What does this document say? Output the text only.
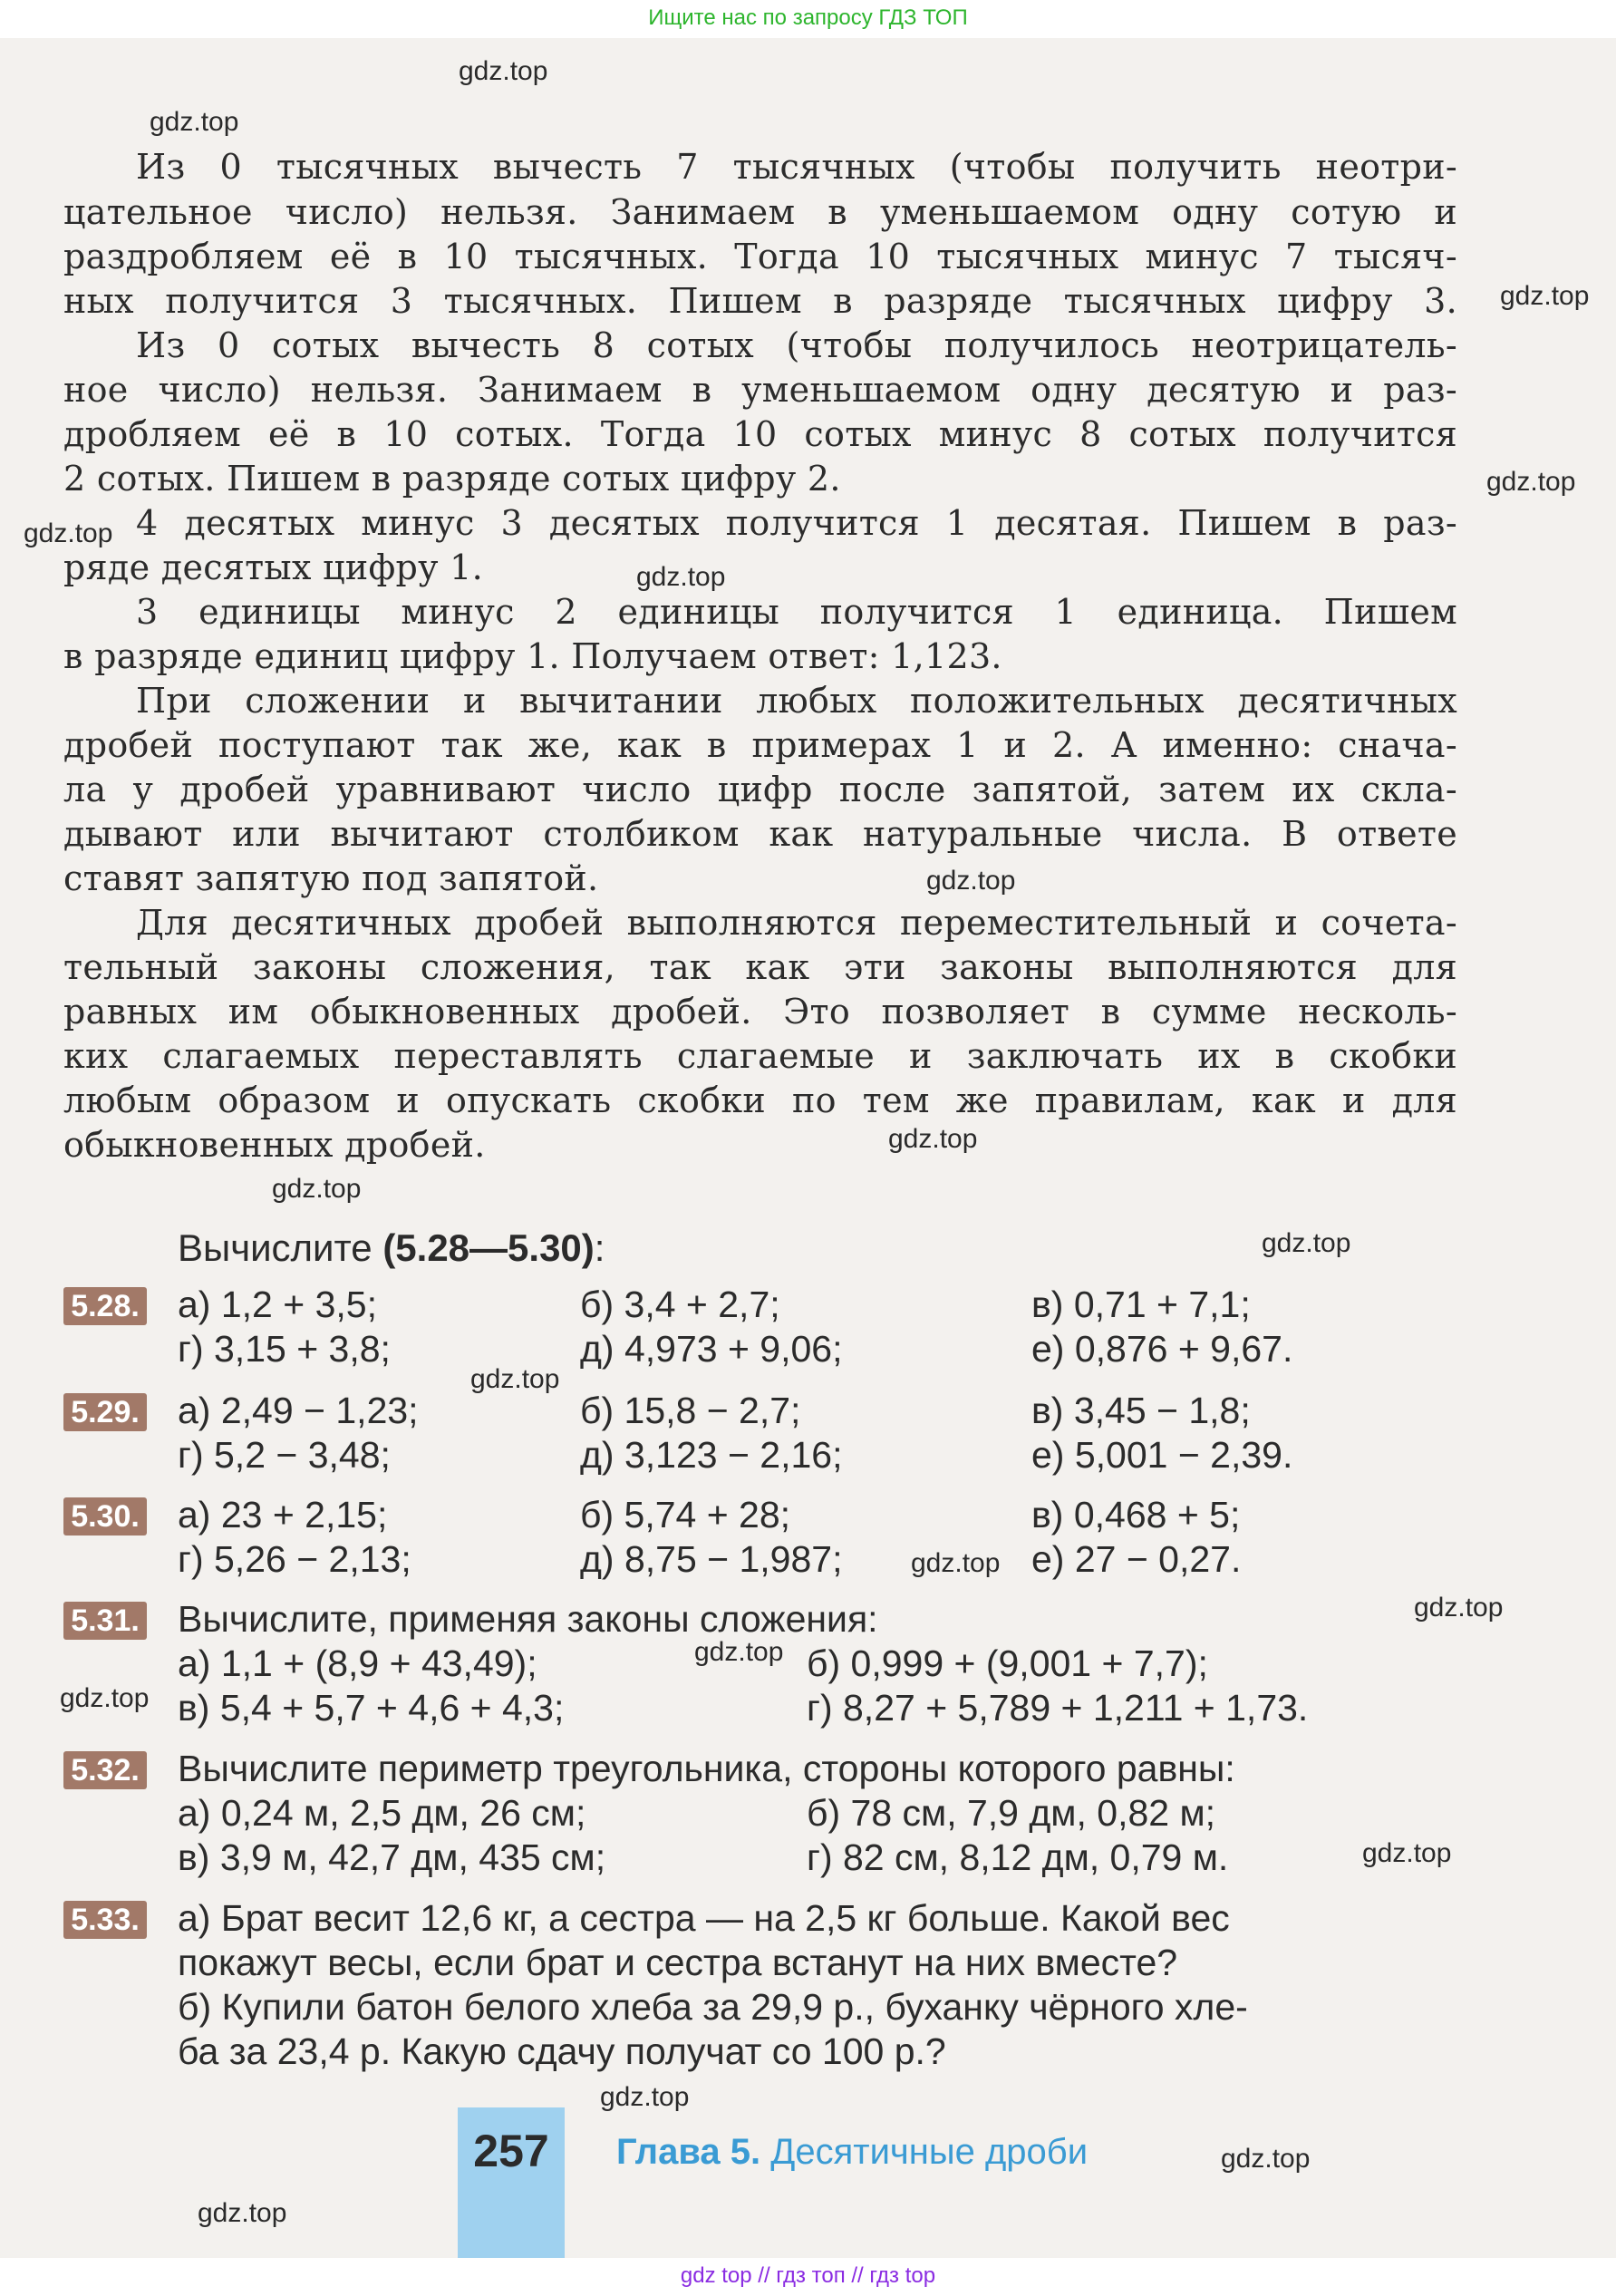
Ищите нас по запросу ГДЗ ТОП
Из 0 тысячных вычесть 7 тысячных (чтобы получить неотри-
цательное число) нельзя. Занимаем в уменьшаемом одну сотую и
раздробляем её в 10 тысячных. Тогда 10 тысячных минус 7 тысяч-
ных получится 3 тысячных. Пишем в разряде тысячных цифру 3.
Из 0 сотых вычесть 8 сотых (чтобы получилось неотрицатель-
ное число) нельзя. Занимаем в уменьшаемом одну десятую и раз-
дробляем её в 10 сотых. Тогда 10 сотых минус 8 сотых получится
2 сотых. Пишем в разряде сотых цифру 2.
4 десятых минус 3 десятых получится 1 десятая. Пишем в раз-
ряде десятых цифру 1.
3 единицы минус 2 единицы получится 1 единица. Пишем
в разряде единиц цифру 1. Получаем ответ: 1,123.
При сложении и вычитании любых положительных десятичных
дробей поступают так же, как в примерах 1 и 2. А именно: снача-
ла у дробей уравнивают число цифр после запятой, затем их скла-
дывают или вычитают столбиком как натуральные числа. В ответе
ставят запятую под запятой.
Для десятичных дробей выполняются переместительный и сочета-
тельный законы сложения, так как эти законы выполняются для
равных им обыкновенных дробей. Это позволяет в сумме несколь-
ких слагаемых переставлять слагаемые и заключать их в скобки
любым образом и опускать скобки по тем же правилам, как и для
обыкновенных дробей.
Вычислите (5.28—5.30):
5.28. а) 1,2 + 3,5;	б) 3,4 + 2,7;	в) 0,71 + 7,1;
г) 3,15 + 3,8;	д) 4,973 + 9,06;	е) 0,876 + 9,67.
5.29. а) 2,49 − 1,23;	б) 15,8 − 2,7;	в) 3,45 − 1,8;
г) 5,2 − 3,48;	д) 3,123 − 2,16;	е) 5,001 − 2,39.
5.30. а) 23 + 2,15;	б) 5,74 + 28;	в) 0,468 + 5;
г) 5,26 − 2,13;	д) 8,75 − 1,987;	е) 27 − 0,27.
5.31. Вычислите, применяя законы сложения:
а) 1,1 + (8,9 + 43,49);	б) 0,999 + (9,001 + 7,7);
в) 5,4 + 5,7 + 4,6 + 4,3;	г) 8,27 + 5,789 + 1,211 + 1,73.
5.32. Вычислите периметр треугольника, стороны которого равны:
а) 0,24 м, 2,5 дм, 26 см;	б) 78 см, 7,9 дм, 0,82 м;
в) 3,9 м, 42,7 дм, 435 см;	г) 82 см, 8,12 дм, 0,79 м.
5.33. а) Брат весит 12,6 кг, а сестра — на 2,5 кг больше. Какой вес
покажут весы, если брат и сестра встанут на них вместе?
б) Купили батон белого хлеба за 29,9 р., буханку чёрного хле-
ба за 23,4 р. Какую сдачу получат со 100 р.?
257	Глава 5. Десятичные дроби
gdz.top
gdz.top
gdz.top
gdz.top
gdz.top
gdz.top
gdz.top
gdz.top
gdz.top
gdz.top
gdz.top
gdz.top
gdz.top
gdz.top
gdz.top
gdz.top
gdz.top
gdz.top
gdz.top
gdz top // гдз топ // гдз top
